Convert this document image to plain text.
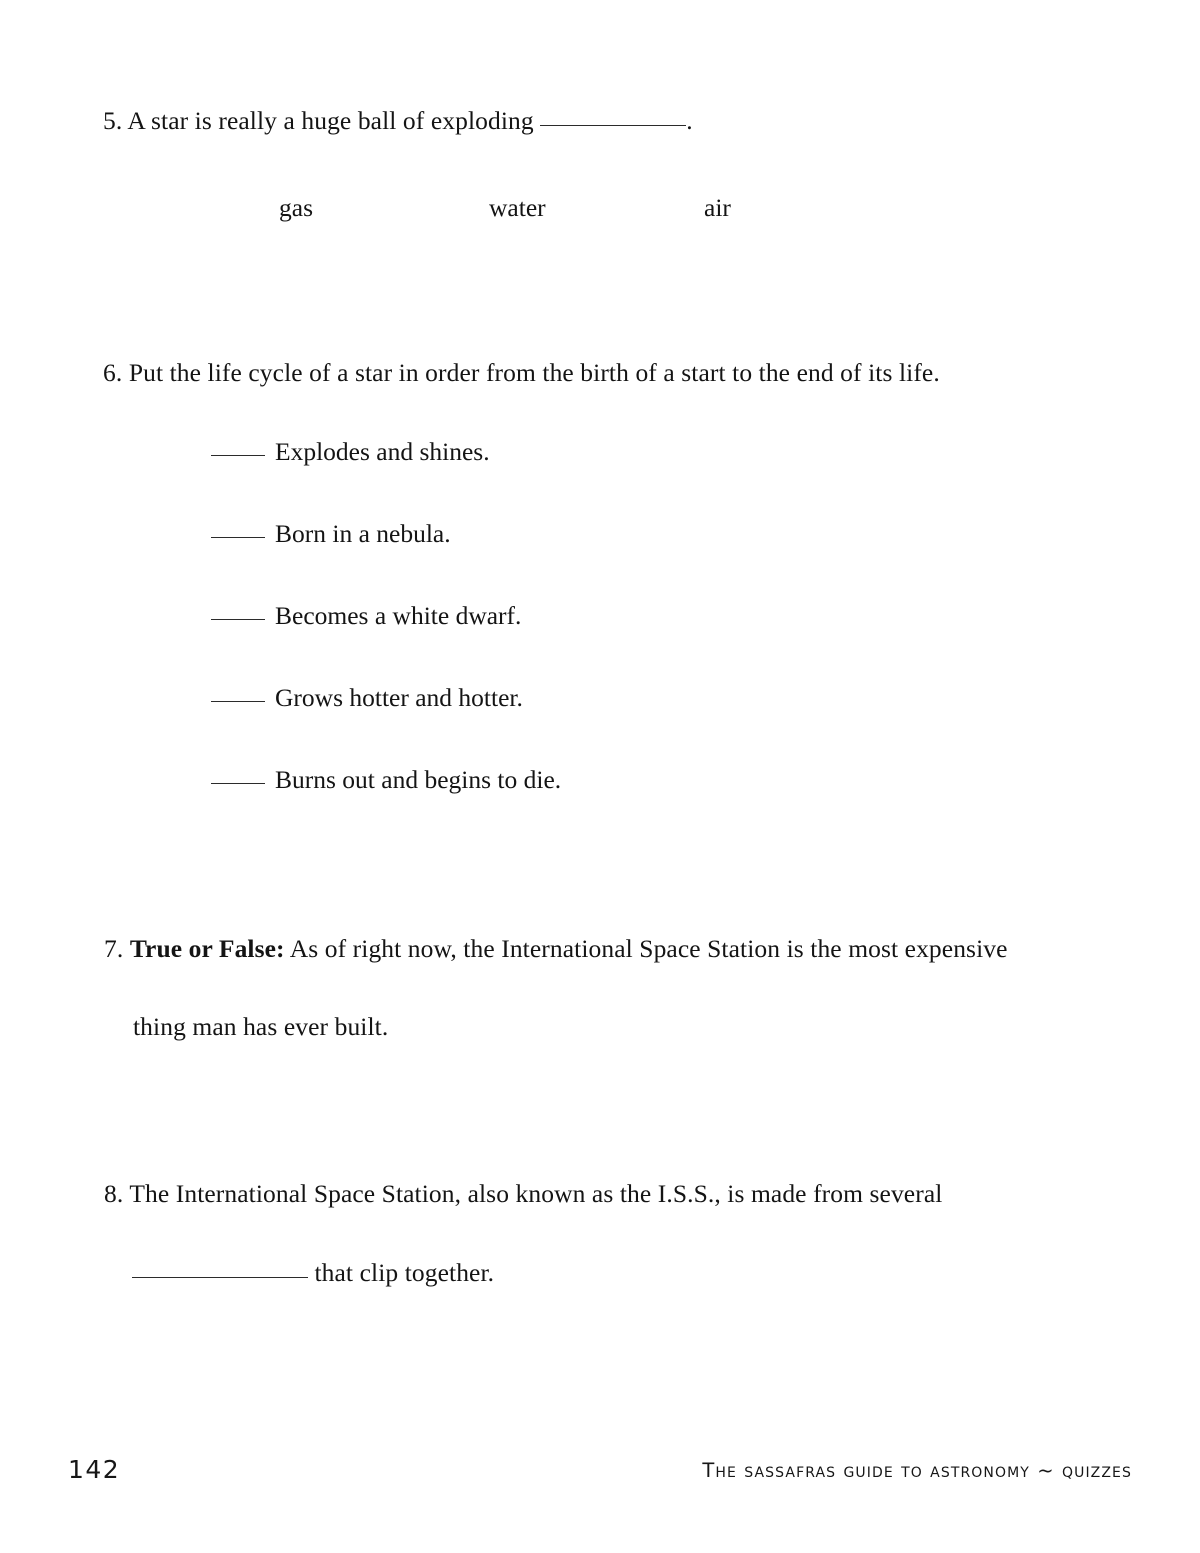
5. A star is really a huge ball of exploding	.
gas	water	air
6. Put the life cycle of a star in order from the birth of a start to the end of its life.
Explodes and shines.
Born in a nebula.
Becomes a white dwarf.
Grows hotter and hotter.
Burns out and begins to die.
7. True or False: As of right now, the International Space Station is the most expensive
thing man has ever built.
8. The International Space Station, also known as the I.S.S., is made from several
that clip together.
142	the sassafras guide to astronomy ~ quizzes
